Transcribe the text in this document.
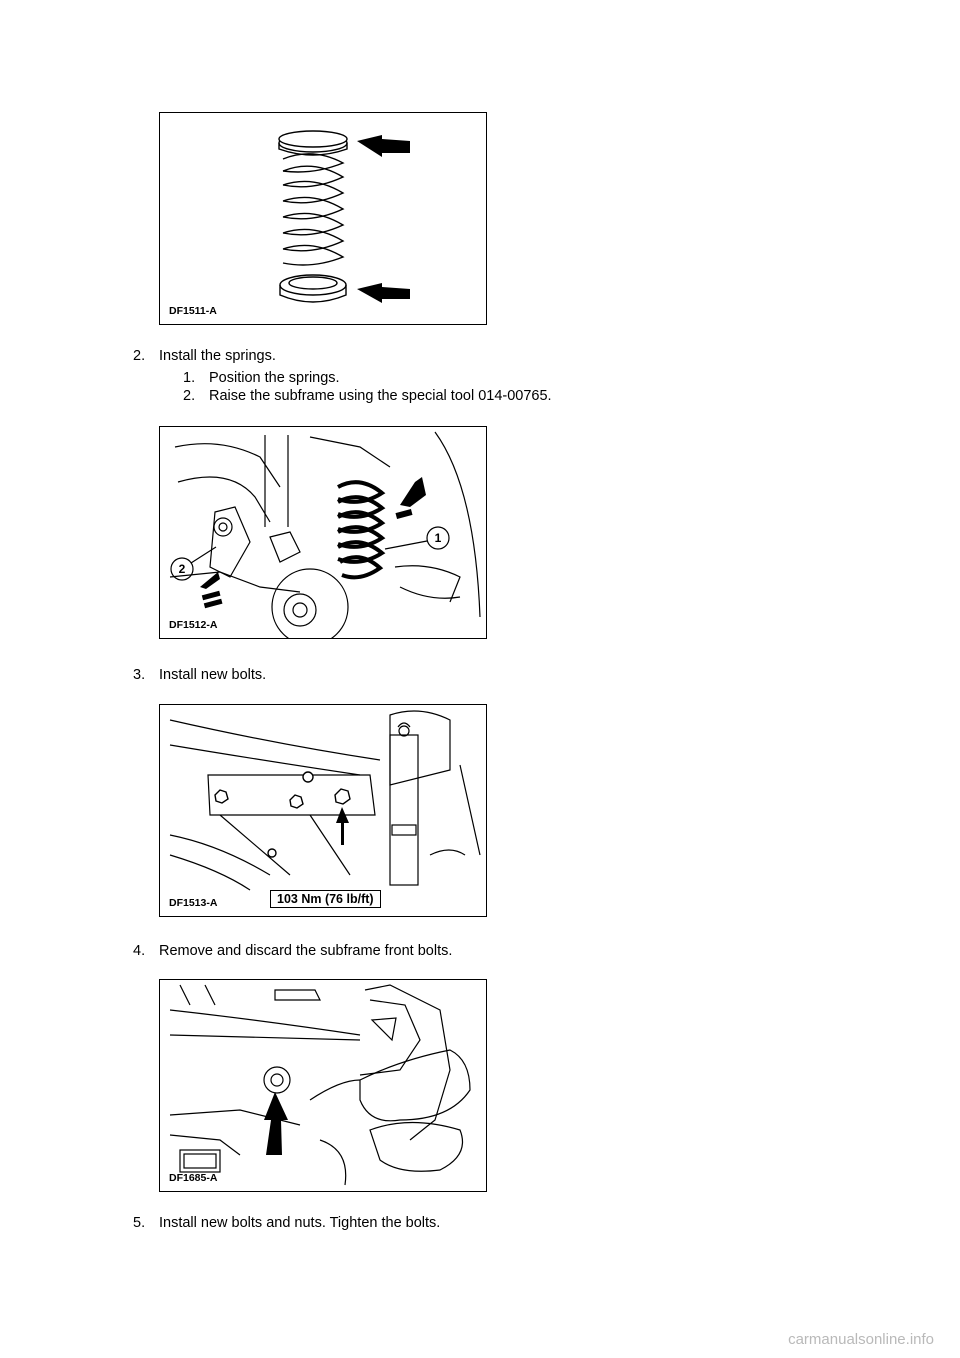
DF1511-A
2. Install the springs.
1. Position the springs.
2. Raise the subframe using the special tool 014-00765.
1
2
DF1512-A
3. Install new bolts.
DF1513-A	103 Nm (76 lb/ft)
4. Remove and discard the subframe front bolts.
DF1685-A
5. Install new bolts and nuts. Tighten the bolts.
carmanualsonline.info
